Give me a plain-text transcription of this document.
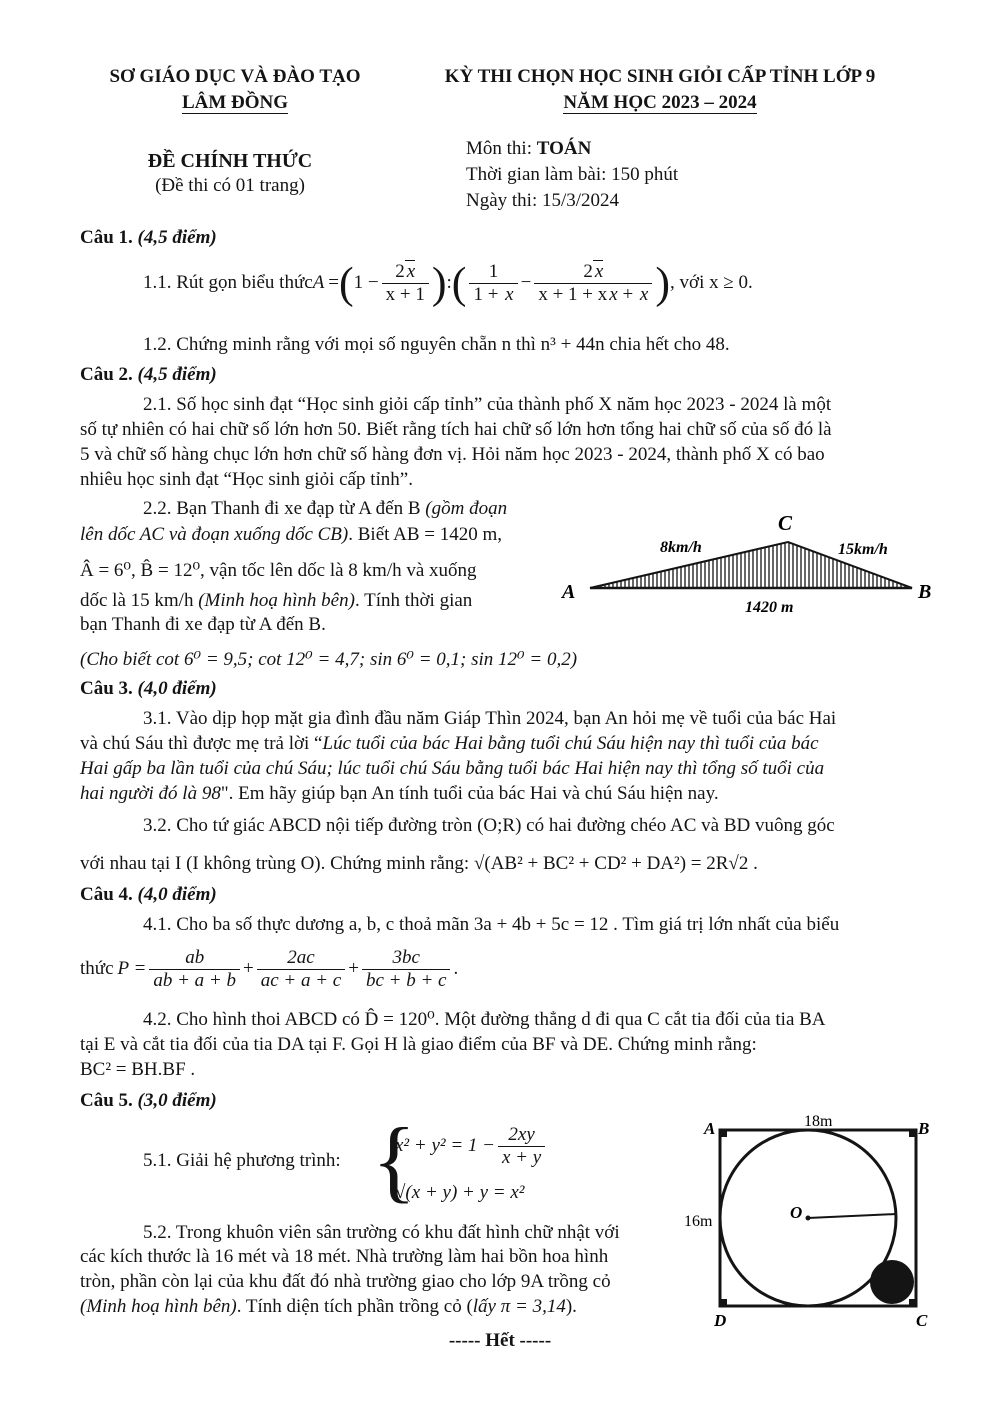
SƠ GIÁO DỤC VÀ ĐÀO TẠO
LÂM ĐỒNG
KỲ THI CHỌN HỌC SINH GIỎI CẤP TỈNH LỚP 9
NĂM HỌC 2023 – 2024
ĐỀ CHÍNH THỨC
(Đề thi có 01 trang)
Môn thi: TOÁN
Thời gian làm bài: 150 phút
Ngày thi: 15/3/2024
Câu 1. (4,5 điểm)
1.1. Rút gọn biểu thức $A =(1 - \frac{2 x}{x + 1}$ ):( $\frac{1}{1 + x} - \frac{2 x}{\text{x + 1 + x x + x}}$ ) , với x ≥ 0.
1.2. Chứng minh rằng với mọi số nguyên chẵn n thì n³ + 44n chia hết cho 48.
Câu 2. (4,5 điểm)
2.1. Số học sinh đạt “Học sinh giỏi cấp tỉnh” của thành phố X năm học 2023 - 2024 là một
số tự nhiên có hai chữ số lớn hơn 50. Biết rằng tích hai chữ số lớn hơn tổng hai chữ số của số đó là
5 và chữ số hàng chục lớn hơn chữ số hàng đơn vị. Hỏi năm học 2023 - 2024, thành phố X có bao
nhiêu học sinh đạt “Học sinh giỏi cấp tỉnh”.
2.2. Bạn Thanh đi xe đạp từ A đến B (gồm đoạn
lên dốc AC và đoạn xuống dốc CB). Biết AB = 1420 m,
Â = 6⁰, B̂ = 12⁰, vận tốc lên dốc là 8 km/h và xuống
dốc là 15 km/h (Minh hoạ hình bên). Tính thời gian
bạn Thanh đi xe đạp từ A đến B.
(Cho biết cot 6⁰ = 9,5; cot 12⁰ = 4,7; sin 6⁰ = 0,1; sin 12⁰ = 0,2)
A	B
C
8km/h	15km/h
1420 m
Câu 3. (4,0 điểm)
3.1. Vào dịp họp mặt gia đình đầu năm Giáp Thìn 2024, bạn An hỏi mẹ về tuổi của bác Hai
và chú Sáu thì được mẹ trả lời “Lúc tuổi của bác Hai bằng tuổi chú Sáu hiện nay thì tuổi của bác
Hai gấp ba lần tuổi của chú Sáu; lúc tuổi chú Sáu bằng tuổi bác Hai hiện nay thì tổng số tuổi của
hai người đó là 98". Em hãy giúp bạn An tính tuổi của bác Hai và chú Sáu hiện nay.
3.2. Cho tứ giác ABCD nội tiếp đường tròn (O;R) có hai đường chéo AC và BD vuông góc
với nhau tại I (I không trùng O). Chứng minh rằng: √(AB² + BC² + CD² + DA²) = 2R√2 .
Câu 4. (4,0 điểm)
4.1. Cho ba số thực dương a, b, c thoả mãn 3a + 4b + 5c = 12 . Tìm giá trị lớn nhất của biểu
thức $P = \frac{ab}{ab + a + b} + \frac{2ac}{ac + a + c} + \frac{3bc}{bc + b + c}$ .
4.2. Cho hình thoi ABCD có D̂ = 120⁰. Một đường thẳng d đi qua C cắt tia đối của tia BA
tại E và cắt tia đối của tia DA tại F. Gọi H là giao điểm của BF và DE. Chứng minh rằng:
BC² = BH.BF .
Câu 5. (3,0 điểm)
5.1. Giải hệ phương trình: {
$x^2 + y^2 = 1 - \frac{2xy}{x + y}$
√(x + y) + y = x²
5.2. Trong khuôn viên sân trường có khu đất hình chữ nhật với
các kích thước là 16 mét và 18 mét. Nhà trường làm hai bồn hoa hình
tròn, phần còn lại của khu đất đó nhà trường giao cho lớp 9A trồng cỏ
(Minh hoạ hình bên). Tính diện tích phần trồng cỏ (lấy π = 3,14).
A	B
C
D
O
18m
16m
----- Hết -----
